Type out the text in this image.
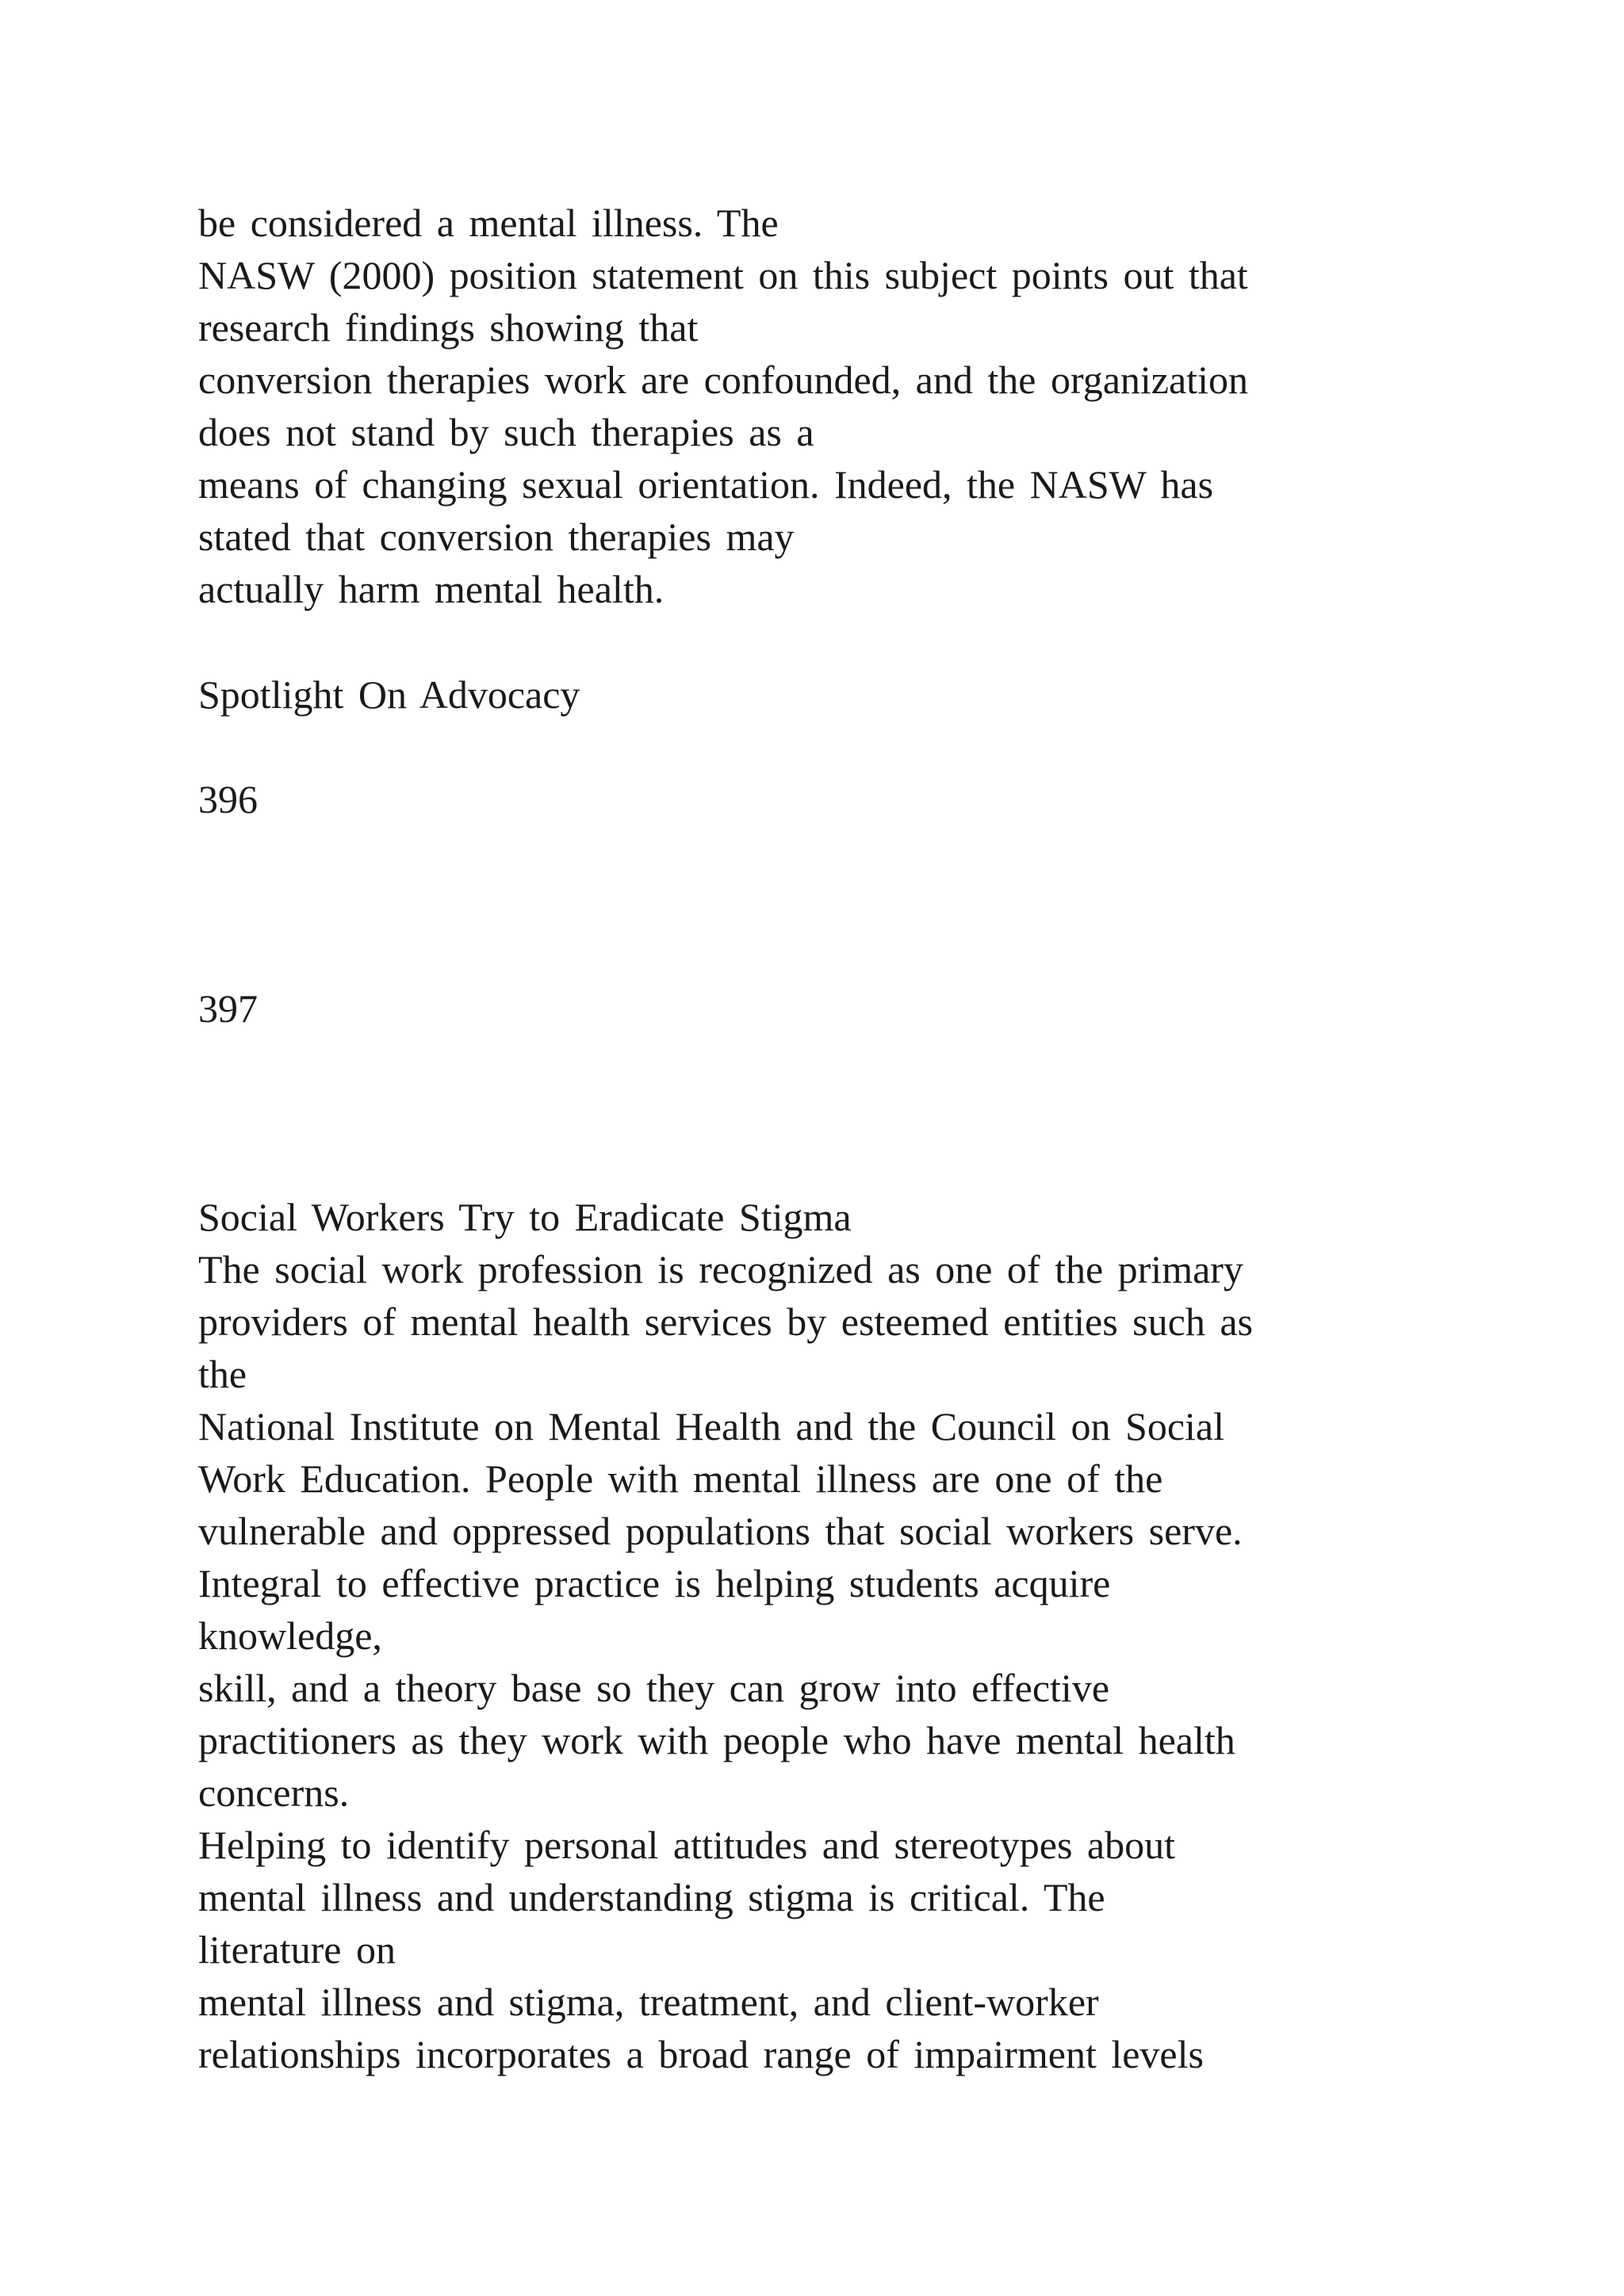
be considered a mental illness. The
NASW (2000) position statement on this subject points out that
research findings showing that
conversion therapies work are confounded, and the organization
does not stand by such therapies as a
means of changing sexual orientation. Indeed, the NASW has
stated that conversion therapies may
actually harm mental health.
Spotlight On Advocacy
396
397
Social Workers Try to Eradicate Stigma
The social work profession is recognized as one of the primary
providers of mental health services by esteemed entities such as
the
National Institute on Mental Health and the Council on Social
Work Education. People with mental illness are one of the
vulnerable and oppressed populations that social workers serve.
Integral to effective practice is helping students acquire
knowledge,
skill, and a theory base so they can grow into effective
practitioners as they work with people who have mental health
concerns.
Helping to identify personal attitudes and stereotypes about
mental illness and understanding stigma is critical. The
literature on
mental illness and stigma, treatment, and client-worker
relationships incorporates a broad range of impairment levels
